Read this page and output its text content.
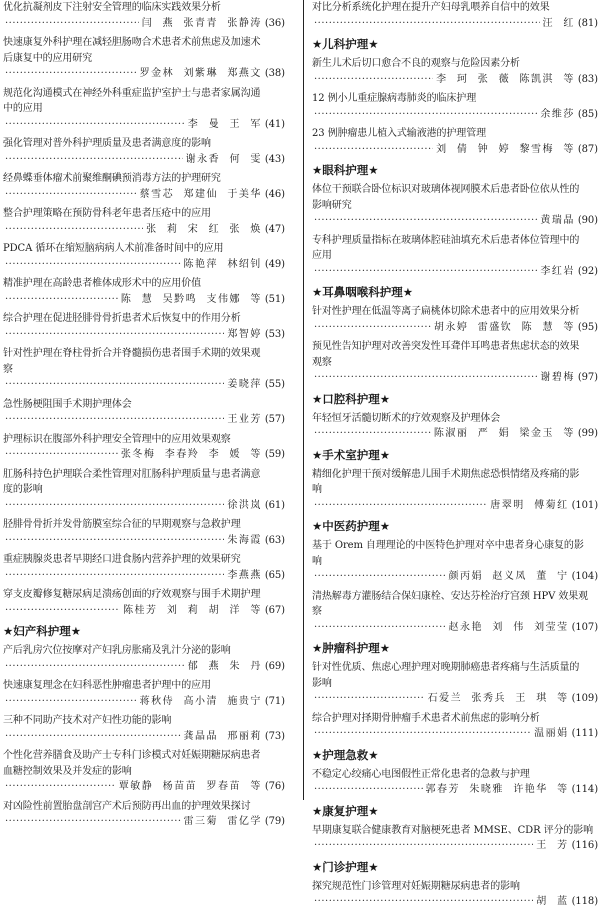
优化抗凝剂皮下注射安全管理的临床实践效果分析
·····
闫  燕  张青青  张静涛 (36)
快速康复外科护理在减轻胆肠吻合术患者术前焦虑及加速术
后康复中的应用研究
·····
罗金林  刘紫琳  郑燕文 (38)
规范化沟通模式在神经外科重症监护室护士与患者家属沟通
中的应用
·····
李  曼  王  军 (41)
强化管理对普外科护理质量及患者满意度的影响
·····
谢永香  何  雯 (43)
经鼻蝶垂体瘤术前聚维酮碘预消毒方法的护理研究
·····
蔡雪芯  郑建仙  于美华 (46)
整合护理策略在预防骨科老年患者压疮中的应用
·····
张  莉  宋  红  张  焕 (47)
PDCA 循环在缩短脑病病人术前准备时间中的应用
·····
陈艳萍  林绍钊 (49)
精准护理在高龄患者椎体成形术中的应用价值
·····
陈  慧  吴黔鸣  支伟娜  等 (51)
综合护理在促进胫腓骨骨折患者术后恢复中的作用分析
·····
郑智婷 (53)
针对性护理在脊柱骨折合并脊髓损伤患者围手术期的效果观
察
·····
姜晓萍 (55)
急性肠梗阻围手术期护理体会
·····
王业芳 (57)
护理标识在腹部外科护理安全管理中的应用效果观察
·····
张冬梅  李春羚  李  媛  等 (59)
肛肠科持色护理联合柔性管理对肛肠科护理质量与患者满意
度的影响
·····
徐洪岚 (61)
胫腓骨骨折并发骨筋膜室综合征的早期观察与急救护理
·····
朱海霞 (63)
重症胰腺炎患者早期经口进食肠内营养护理的效果研究
·····
李燕燕 (65)
穿支皮瓣修复糖尿病足溃疡创面的疗效观察与围手术期护理
·····
陈桂芳  刘  莉  胡  洋  等 (67)
★妇产科护理★
产后乳房穴位按摩对产妇乳房胀痛及乳汁分泌的影响
·····
郁  燕  朱  丹 (69)
快速康复理念在妇科恶性肿瘤患者护理中的应用
·····
蒋秋侍  高小清  施贵宁 (71)
三种不同助产技术对产妇性功能的影响
·····
龚晶晶  邢丽莉 (73)
个性化营养膳食及助产士专科门诊模式对妊娠期糖尿病患者
血糖控制效果及并发症的影响
·····
覃敏静  杨苗苗  罗春苗  等 (76)
对凶险性前置胎盘剖宫产术后预防再出血的护理效果探讨
·····
雷三菊  雷亿学 (79)
对比分析系统化护理在提升产妇母乳喂养自信中的效果
·····
汪  红 (81)
★儿科护理★
新生儿术后切口愈合不良的观察与危险因素分析
·····
李  珂  张  薇  陈凯淇  等 (83)
12 例小儿重症腺病毒肺炎的临床护理
·····
余维莎 (85)
23 例肿瘤患儿植入式输液港的护理管理
·····
刘  倩  钟  婷  黎雪梅  等 (87)
★眼科护理★
体位干预联合卧位标识对玻璃体视网膜术后患者卧位依从性的
影响研究
·····
黄瑞晶 (90)
专科护理质量指标在玻璃体腔硅油填充术后患者体位管理中的
应用
·····
李红岩 (92)
★耳鼻咽喉科护理★
针对性护理在低温等离子扁桃体切除术患者中的应用效果分析
·····
胡永婷  雷盛钦  陈  慧  等 (95)
预见性告知护理对改善突发性耳聋伴耳鸣患者焦虑状态的效果
观察
·····
谢碧梅 (97)
★口腔科护理★
年轻恒牙活髓切断术的疗效观察及护理体会
·····
陈淑丽  严  娟  梁金玉  等 (99)
★手术室护理★
精细化护理干预对缓解患儿围手术期焦虑恐惧情绪及疼痛的影
响
·····
唐翠明  傅菊红 (101)
★中医药护理★
基于 Orem 自理理论的中医特色护理对卒中患者身心康复的影
响
·····
颜丙娟  赵义凤  董  宁 (104)
清热解毒方灌肠结合保妇康栓、安达芬栓治疗宫颈 HPV 效果观
察
·····
赵永艳  刘  伟  刘莹莹 (107)
★肿瘤科护理★
针对性优质、焦虑心理护理对晚期肺癌患者疼痛与生活质量的
影响
·····
石爱兰  张秀兵  王  琪  等 (109)
综合护理对择期骨肿瘤手术患者术前焦虑的影响分析
·····
温丽娟 (111)
★护理急救★
不稳定心绞痛心电图假性正常化患者的急救与护理
·····
郭春芳  朱晓雅  许艳华  等 (114)
★康复护理★
早期康复联合健康教育对脑梗死患者 MMSE、CDR 评分的影响
·····
王  芳 (116)
★门诊护理★
探究规范性门诊管理对妊娠期糖尿病患者的影响
·····
胡  蓝 (118)
